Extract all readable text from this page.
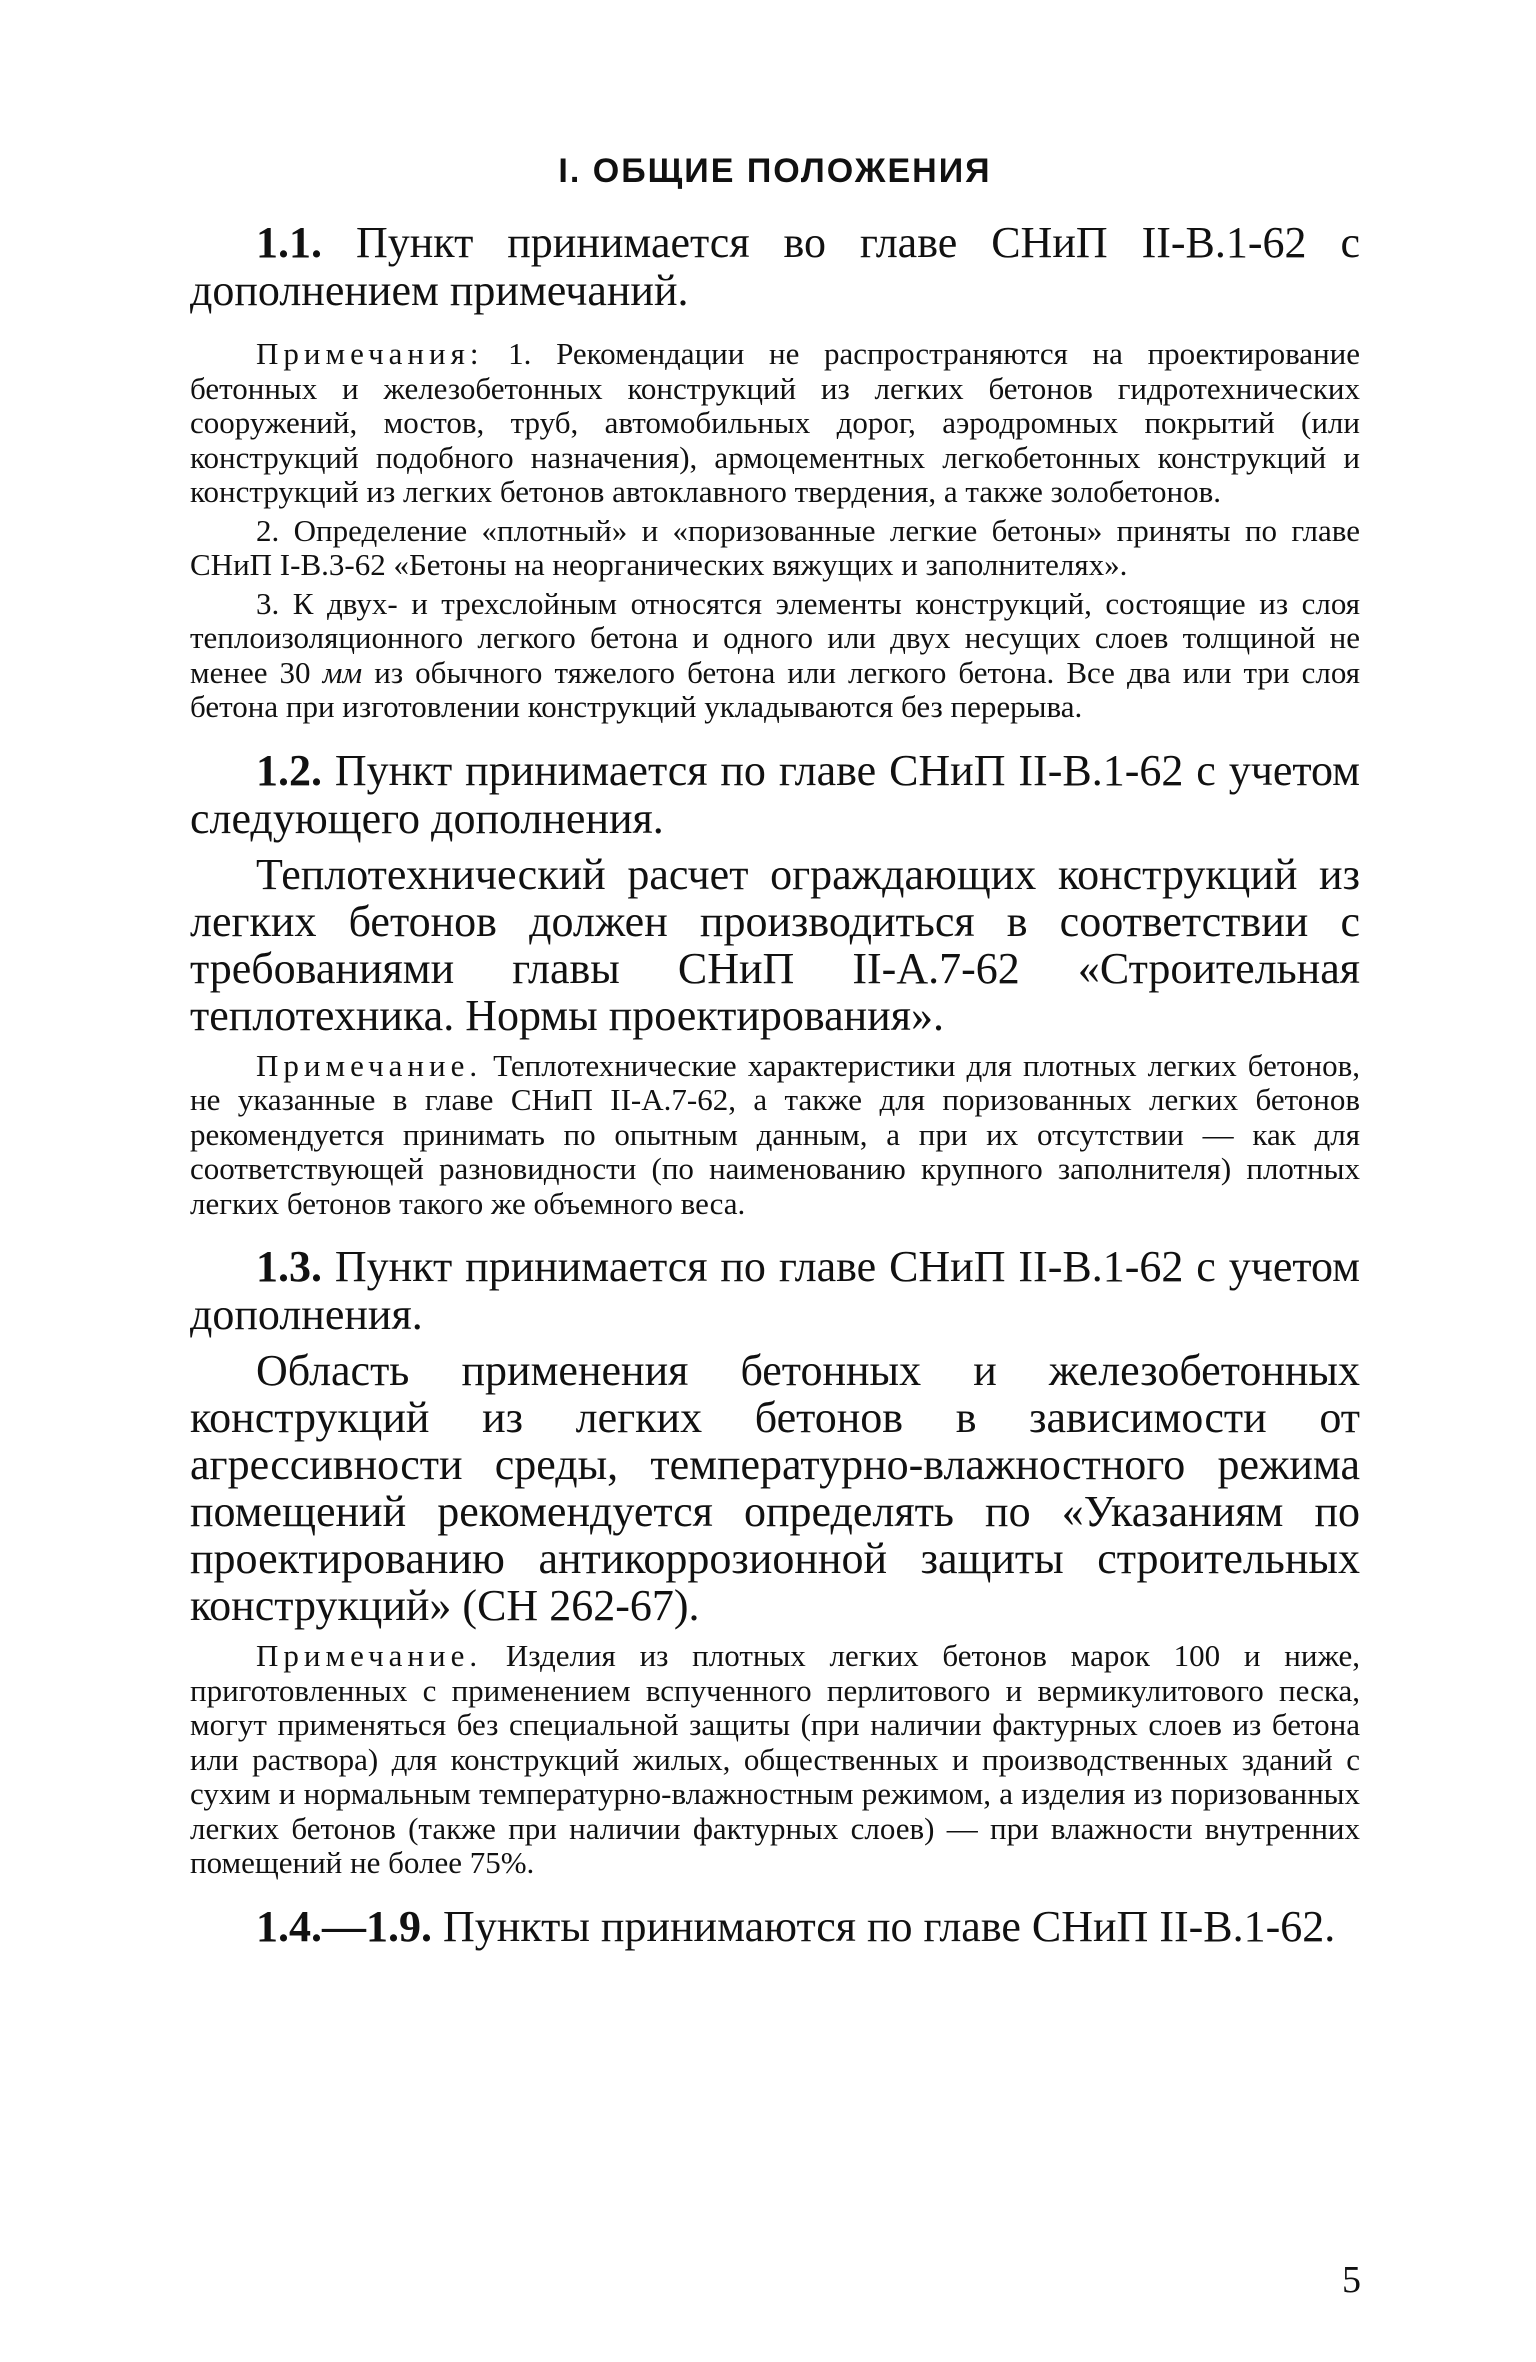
I. ОБЩИЕ ПОЛОЖЕНИЯ

1.1. Пункт принимается во главе СНиП II-В.1-62 с дополнением примечаний.

Примечания: 1. Рекомендации не распространяются на проектирование бетонных и железобетонных конструкций из легких бетонов гидротехнических сооружений, мостов, труб, автомобильных дорог, аэродромных покрытий (или конструкций подобного назначения), армоцементных легкобетонных конструкций и конструкций из легких бетонов автоклавного твердения, а также золобетонов.

2. Определение «плотный» и «поризованные легкие бетоны» приняты по главе СНиП I-В.3-62 «Бетоны на неорганических вяжущих и заполнителях».

3. К двух- и трехслойным относятся элементы конструкций, состоящие из слоя теплоизоляционного легкого бетона и одного или двух несущих слоев толщиной не менее 30 мм из обычного тяжелого бетона или легкого бетона. Все два или три слоя бетона при изготовлении конструкций укладываются без перерыва.

1.2. Пункт принимается по главе СНиП II-В.1-62 с учетом следующего дополнения.

Теплотехнический расчет ограждающих конструкций из легких бетонов должен производиться в соответствии с требованиями главы СНиП II-А.7-62 «Строительная теплотехника. Нормы проектирования».

Примечание. Теплотехнические характеристики для плотных легких бетонов, не указанные в главе СНиП II-А.7-62, а также для поризованных легких бетонов рекомендуется принимать по опытным данным, а при их отсутствии — как для соответствующей разновидности (по наименованию крупного заполнителя) плотных легких бетонов такого же объемного веса.

1.3. Пункт принимается по главе СНиП II-В.1-62 с учетом дополнения.

Область применения бетонных и железобетонных конструкций из легких бетонов в зависимости от агрессивности среды, температурно-влажностного режима помещений рекомендуется определять по «Указаниям по проектированию антикоррозионной защиты строительных конструкций» (СН 262-67).

Примечание. Изделия из плотных легких бетонов марок 100 и ниже, приготовленных с применением вспученного перлитового и вермикулитового песка, могут применяться без специальной защиты (при наличии фактурных слоев из бетона или раствора) для конструкций жилых, общественных и производственных зданий с сухим и нормальным температурно-влажностным режимом, а изделия из поризованных легких бетонов (также при наличии фактурных слоев) — при влажности внутренних помещений не более 75%.

1.4.—1.9. Пункты принимаются по главе СНиП II-В.1-62.

5
